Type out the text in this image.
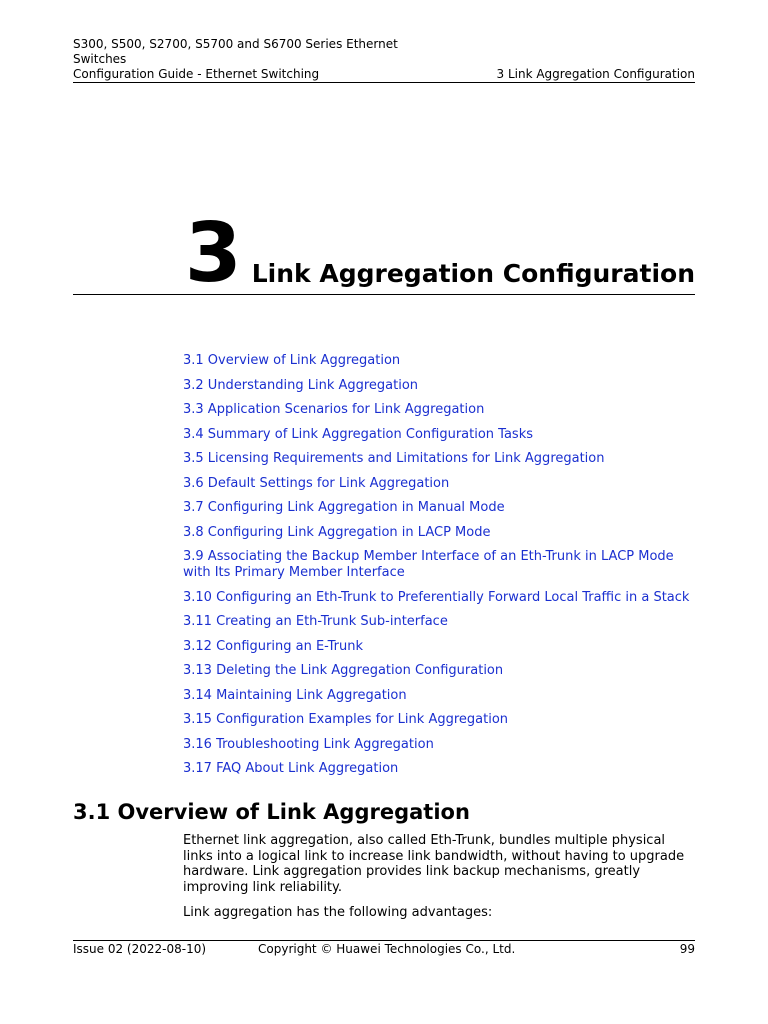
S300, S500, S2700, S5700 and S6700 Series Ethernet
Switches
Configuration Guide - Ethernet Switching	3 Link Aggregation Configuration
3 Link Aggregation Configuration
3.1 Overview of Link Aggregation
3.2 Understanding Link Aggregation
3.3 Application Scenarios for Link Aggregation
3.4 Summary of Link Aggregation Configuration Tasks
3.5 Licensing Requirements and Limitations for Link Aggregation
3.6 Default Settings for Link Aggregation
3.7 Configuring Link Aggregation in Manual Mode
3.8 Configuring Link Aggregation in LACP Mode
3.9 Associating the Backup Member Interface of an Eth-Trunk in LACP Mode with Its Primary Member Interface
3.10 Configuring an Eth-Trunk to Preferentially Forward Local Traffic in a Stack
3.11 Creating an Eth-Trunk Sub-interface
3.12 Configuring an E-Trunk
3.13 Deleting the Link Aggregation Configuration
3.14 Maintaining Link Aggregation
3.15 Configuration Examples for Link Aggregation
3.16 Troubleshooting Link Aggregation
3.17 FAQ About Link Aggregation
3.1 Overview of Link Aggregation

Ethernet link aggregation, also called Eth-Trunk, bundles multiple physical links into a logical link to increase link bandwidth, without having to upgrade hardware. Link aggregation provides link backup mechanisms, greatly improving link reliability.

Link aggregation has the following advantages:

Issue 02 (2022-08-10)	Copyright © Huawei Technologies Co., Ltd.	99
